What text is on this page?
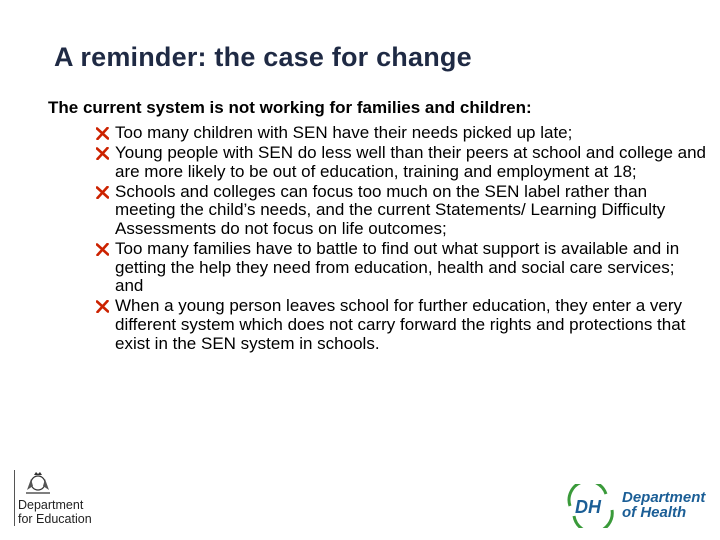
A reminder: the case for change
The current system is not working for families and children:
Too many children with SEN have their needs picked up late;
Young people with SEN do less well than their peers at school and college and are more likely to be out of education, training and employment at 18;
Schools and colleges can focus too much on the SEN label rather than meeting the child’s needs, and the current Statements/ Learning Difficulty Assessments do not focus on life outcomes;
Too many families have to battle to find out what support is available and in getting the help they need from education, health and social care services; and
When a young person leaves school for further education, they enter a very different system which does not carry forward the rights and protections that exist in the SEN system in schools.
Department
for Education
DH Department
of Health
